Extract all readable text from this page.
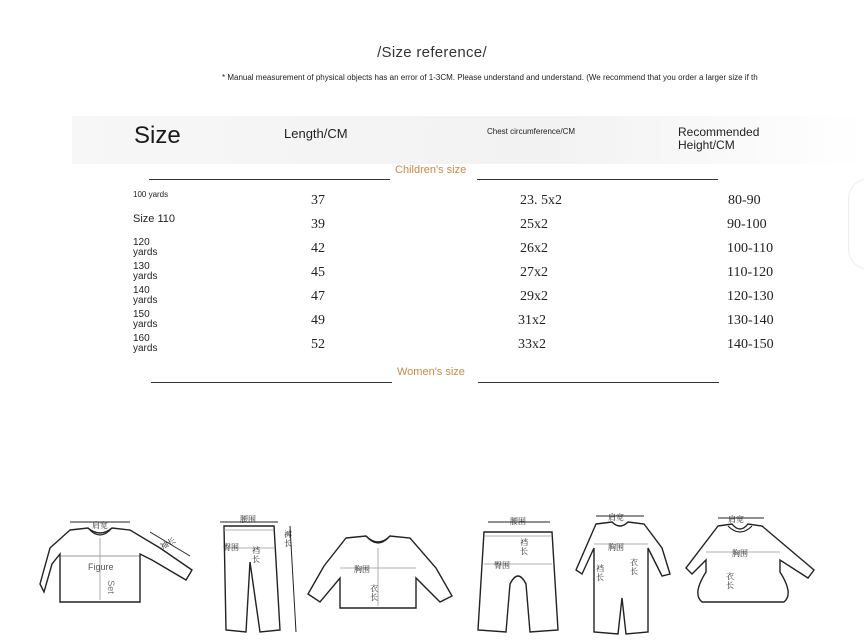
/Size reference/
* Manual measurement of physical objects has an error of 1-3CM. Please understand and understand. (We recommend that you order a larger size if th
Size	Length/CM	Chest circumference/CM	Recommended Height/CM
Children's size
100 yards	37	23. 5x2	80-90
Size 110	39	25x2	90-100
120 yards	42	26x2	100-110
130 yards	45	27x2	110-120
140 yards	47	29x2	120-130
150 yards	49	31x2	130-140
160 yards	52	33x2	140-150
Women's size
肩宽
袖长
Figure
Set
腰围
臀围 裆长
裤长
胸围
衣长
腰围
臀围
裆长
肩宽
胸围
衣长
裆长
肩宽
胸围
衣长
